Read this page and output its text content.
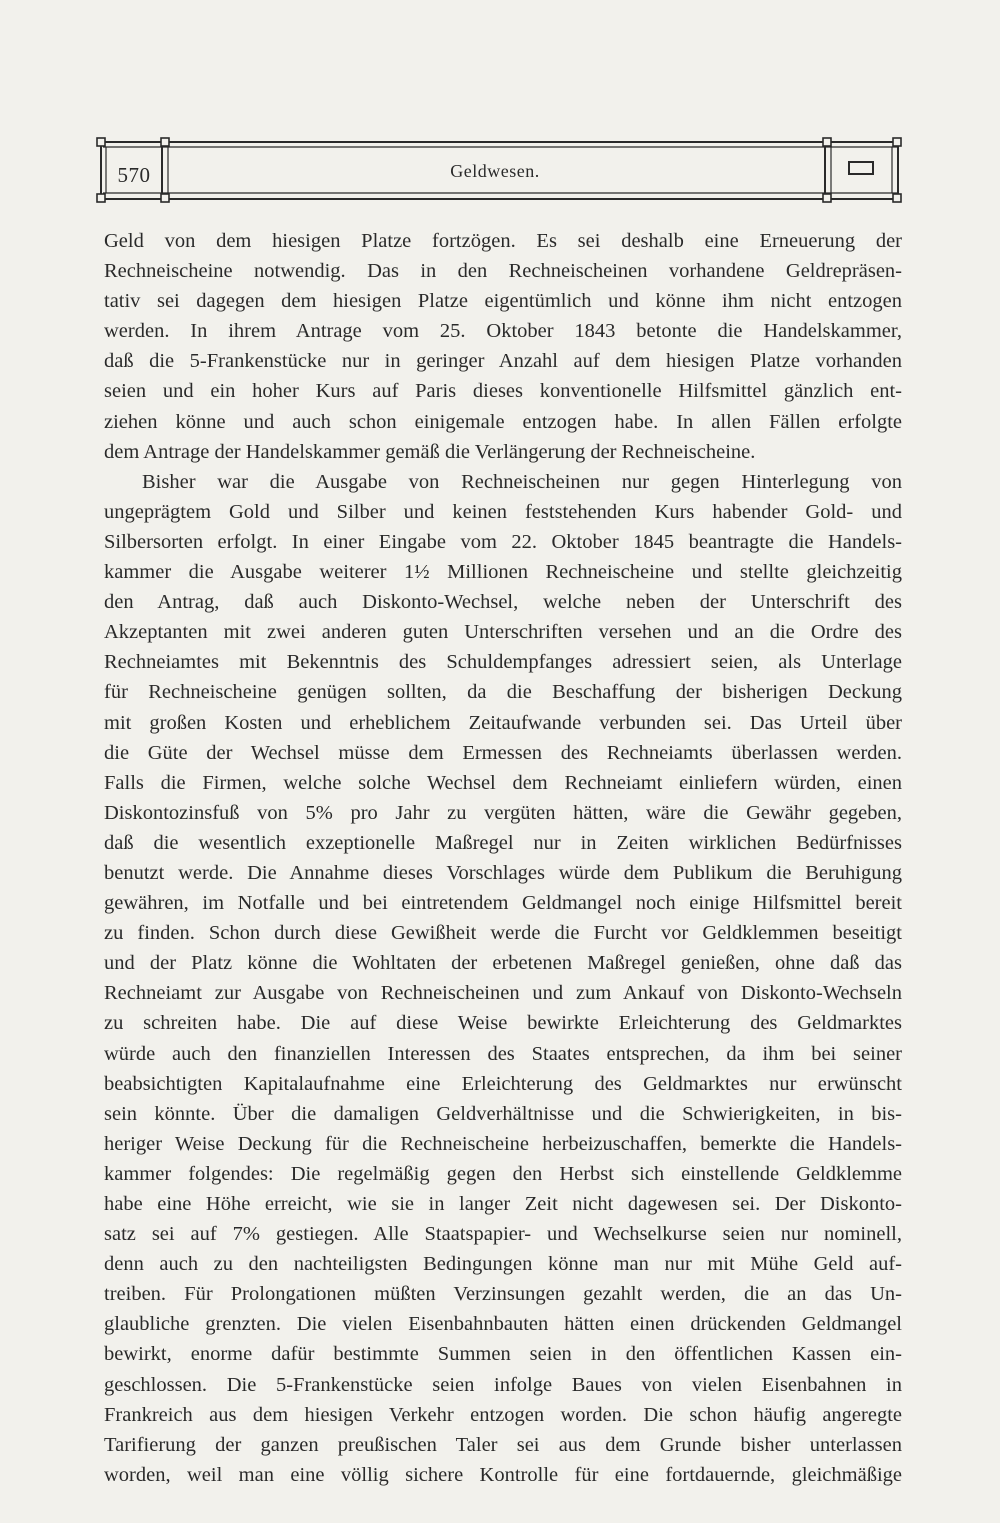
570	Geldwesen.
Geld von dem hiesigen Platze fortzögen. Es sei deshalb eine Erneuerung der
Rechneischeine notwendig. Das in den Rechneischeinen vorhandene Geldrepräsen-
tativ sei dagegen dem hiesigen Platze eigentümlich und könne ihm nicht entzogen
werden. In ihrem Antrage vom 25. Oktober 1843 betonte die Handelskammer,
daß die 5-Frankenstücke nur in geringer Anzahl auf dem hiesigen Platze vorhanden
seien und ein hoher Kurs auf Paris dieses konventionelle Hilfsmittel gänzlich ent-
ziehen könne und auch schon einigemale entzogen habe. In allen Fällen erfolgte
dem Antrage der Handelskammer gemäß die Verlängerung der Rechneischeine.
Bisher war die Ausgabe von Rechneischeinen nur gegen Hinterlegung von
ungeprägtem Gold und Silber und keinen feststehenden Kurs habender Gold- und
Silbersorten erfolgt. In einer Eingabe vom 22. Oktober 1845 beantragte die Handels-
kammer die Ausgabe weiterer 1½ Millionen Rechneischeine und stellte gleichzeitig
den Antrag, daß auch Diskonto-Wechsel, welche neben der Unterschrift des
Akzeptanten mit zwei anderen guten Unterschriften versehen und an die Ordre des
Rechneiamtes mit Bekenntnis des Schuldempfanges adressiert seien, als Unterlage
für Rechneischeine genügen sollten, da die Beschaffung der bisherigen Deckung
mit großen Kosten und erheblichem Zeitaufwande verbunden sei. Das Urteil über
die Güte der Wechsel müsse dem Ermessen des Rechneiamts überlassen werden.
Falls die Firmen, welche solche Wechsel dem Rechneiamt einliefern würden, einen
Diskontozinsfuß von 5% pro Jahr zu vergüten hätten, wäre die Gewähr gegeben,
daß die wesentlich exzeptionelle Maßregel nur in Zeiten wirklichen Bedürfnisses
benutzt werde. Die Annahme dieses Vorschlages würde dem Publikum die Beruhigung
gewähren, im Notfalle und bei eintretendem Geldmangel noch einige Hilfsmittel bereit
zu finden. Schon durch diese Gewißheit werde die Furcht vor Geldklemmen beseitigt
und der Platz könne die Wohltaten der erbetenen Maßregel genießen, ohne daß das
Rechneiamt zur Ausgabe von Rechneischeinen und zum Ankauf von Diskonto-Wechseln
zu schreiten habe. Die auf diese Weise bewirkte Erleichterung des Geldmarktes
würde auch den finanziellen Interessen des Staates entsprechen, da ihm bei seiner
beabsichtigten Kapitalaufnahme eine Erleichterung des Geldmarktes nur erwünscht
sein könnte. Über die damaligen Geldverhältnisse und die Schwierigkeiten, in bis-
heriger Weise Deckung für die Rechneischeine herbeizuschaffen, bemerkte die Handels-
kammer folgendes: Die regelmäßig gegen den Herbst sich einstellende Geldklemme
habe eine Höhe erreicht, wie sie in langer Zeit nicht dagewesen sei. Der Diskonto-
satz sei auf 7% gestiegen. Alle Staatspapier- und Wechselkurse seien nur nominell,
denn auch zu den nachteiligsten Bedingungen könne man nur mit Mühe Geld auf-
treiben. Für Prolongationen müßten Verzinsungen gezahlt werden, die an das Un-
glaubliche grenzten. Die vielen Eisenbahnbauten hätten einen drückenden Geldmangel
bewirkt, enorme dafür bestimmte Summen seien in den öffentlichen Kassen ein-
geschlossen. Die 5-Frankenstücke seien infolge Baues von vielen Eisenbahnen in
Frankreich aus dem hiesigen Verkehr entzogen worden. Die schon häufig angeregte
Tarifierung der ganzen preußischen Taler sei aus dem Grunde bisher unterlassen
worden, weil man eine völlig sichere Kontrolle für eine fortdauernde, gleichmäßige
